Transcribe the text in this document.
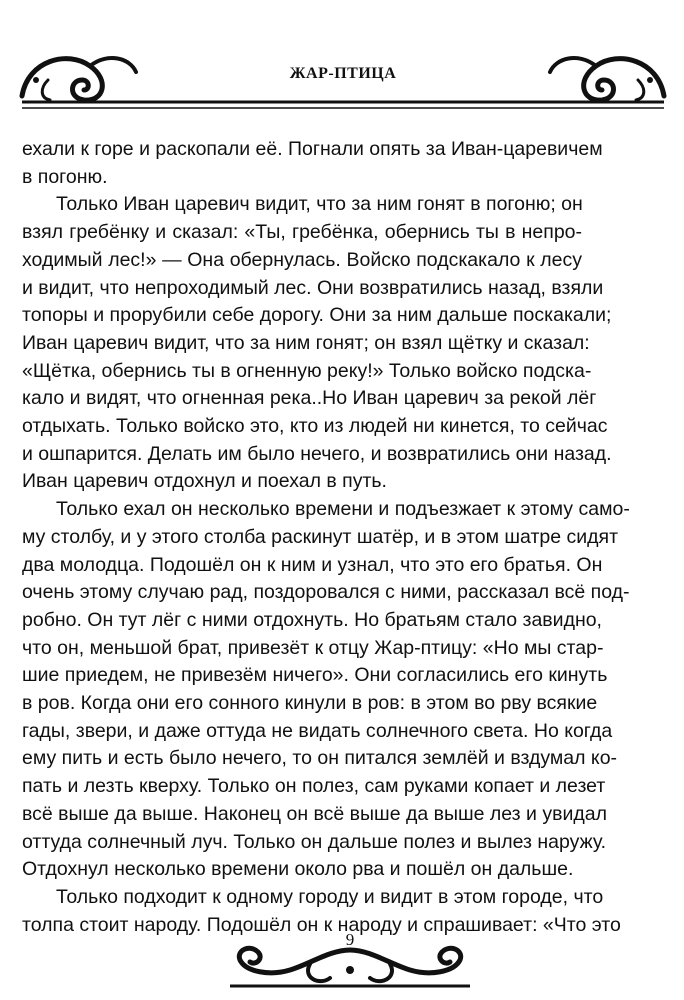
ЖАР-ПТИЦА
ехали к горе и раскопали её. Погнали опять за Иван-царевичем
в погоню.
Только Иван царевич видит, что за ним гонят в погоню; он
взял гребёнку и сказал: «Ты, гребёнка, обернись ты в непро-
ходимый лес!» — Она обернулась. Войско подскакало к лесу
и видит, что непроходимый лес. Они возвратились назад, взяли
топоры и прорубили себе дорогу. Они за ним дальше поскакали;
Иван царевич видит, что за ним гонят; он взял щётку и сказал:
«Щётка, обернись ты в огненную реку!» Только войско подска-
кало и видят, что огненная река..Но Иван царевич за рекой лёг
отдыхать. Только войско это, кто из людей ни кинется, то сейчас
и ошпарится. Делать им было нечего, и возвратились они назад.
Иван царевич отдохнул и поехал в путь.
Только ехал он несколько времени и подъезжает к этому само-
му столбу, и у этого столба раскинут шатёр, и в этом шатре сидят
два молодца. Подошёл он к ним и узнал, что это его братья. Он
очень этому случаю рад, поздоровался с ними, рассказал всё под-
робно. Он тут лёг с ними отдохнуть. Но братьям стало завидно,
что он, меньшой брат, привезёт к отцу Жар-птицу: «Но мы стар-
шие приедем, не привезём ничего». Они согласились его кинуть
в ров. Когда они его сонного кинули в ров: в этом во рву всякие
гады, звери, и даже оттуда не видать солнечного света. Но когда
ему пить и есть было нечего, то он питался землёй и вздумал ко-
пать и лезть кверху. Только он полез, сам руками копает и лезет
всё выше да выше. Наконец он всё выше да выше лез и увидал
оттуда солнечный луч. Только он дальше полез и вылез наружу.
Отдохнул несколько времени около рва и пошёл он дальше.
Только подходит к одному городу и видит в этом городе, что
толпа стоит народу. Подошёл он к народу и спрашивает: «Что это
9
